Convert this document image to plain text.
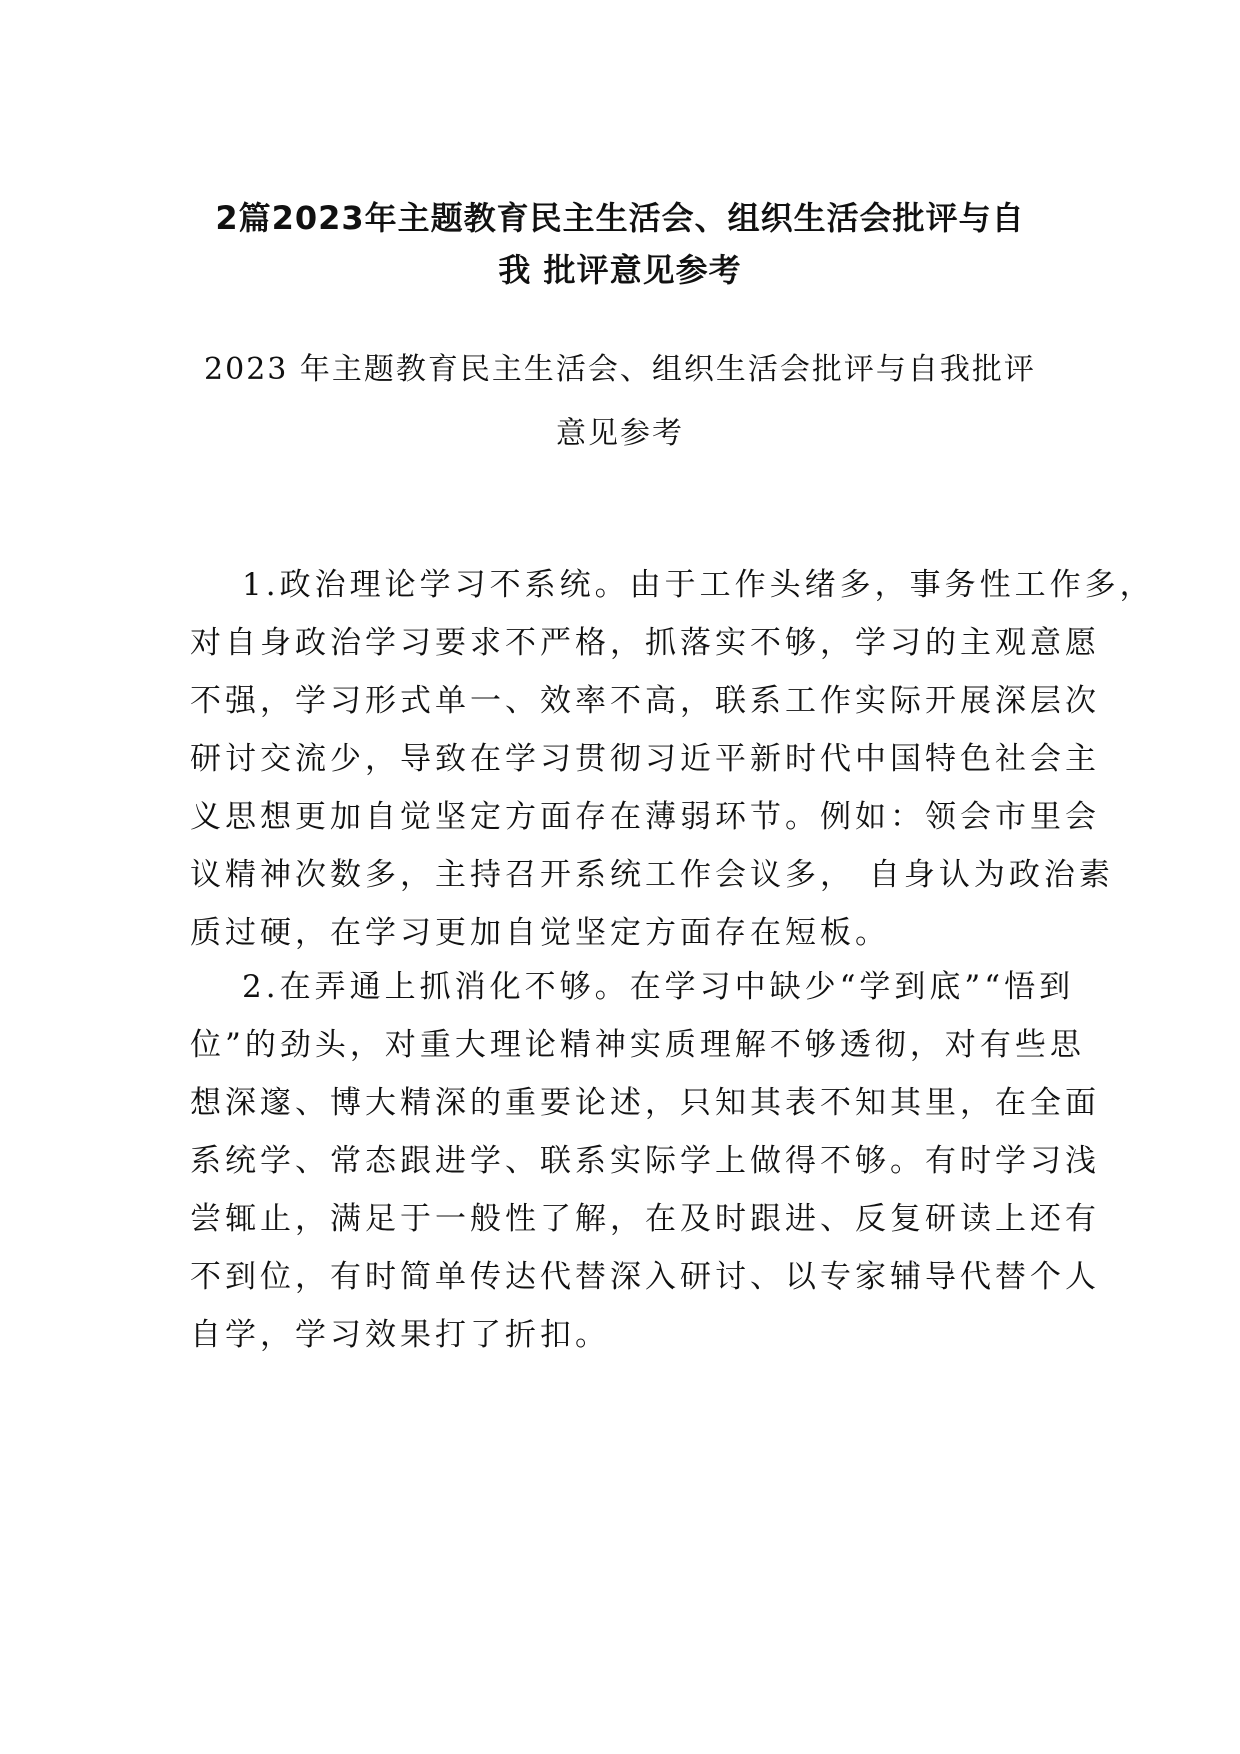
2篇2023年主题教育民主生活会、组织生活会批评与自
我 批评意见参考
2023 年主题教育民主生活会、组织生活会批评与自我批评
意见参考
1.政治理论学习不系统。由于工作头绪多，事务性工作多，
对自身政治学习要求不严格，抓落实不够，学习的主观意愿
不强，学习形式单一、效率不高，联系工作实际开展深层次
研讨交流少，导致在学习贯彻习近平新时代中国特色社会主
义思想更加自觉坚定方面存在薄弱环节。例如：领会市里会
议精神次数多，主持召开系统工作会议多， 自身认为政治素
质过硬，在学习更加自觉坚定方面存在短板。
2.在弄通上抓消化不够。在学习中缺少“学到底”“悟到
位”的劲头，对重大理论精神实质理解不够透彻，对有些思
想深邃、博大精深的重要论述，只知其表不知其里，在全面
系统学、常态跟进学、联系实际学上做得不够。有时学习浅
尝辄止，满足于一般性了解，在及时跟进、反复研读上还有
不到位，有时简单传达代替深入研讨、以专家辅导代替个人
自学，学习效果打了折扣。
